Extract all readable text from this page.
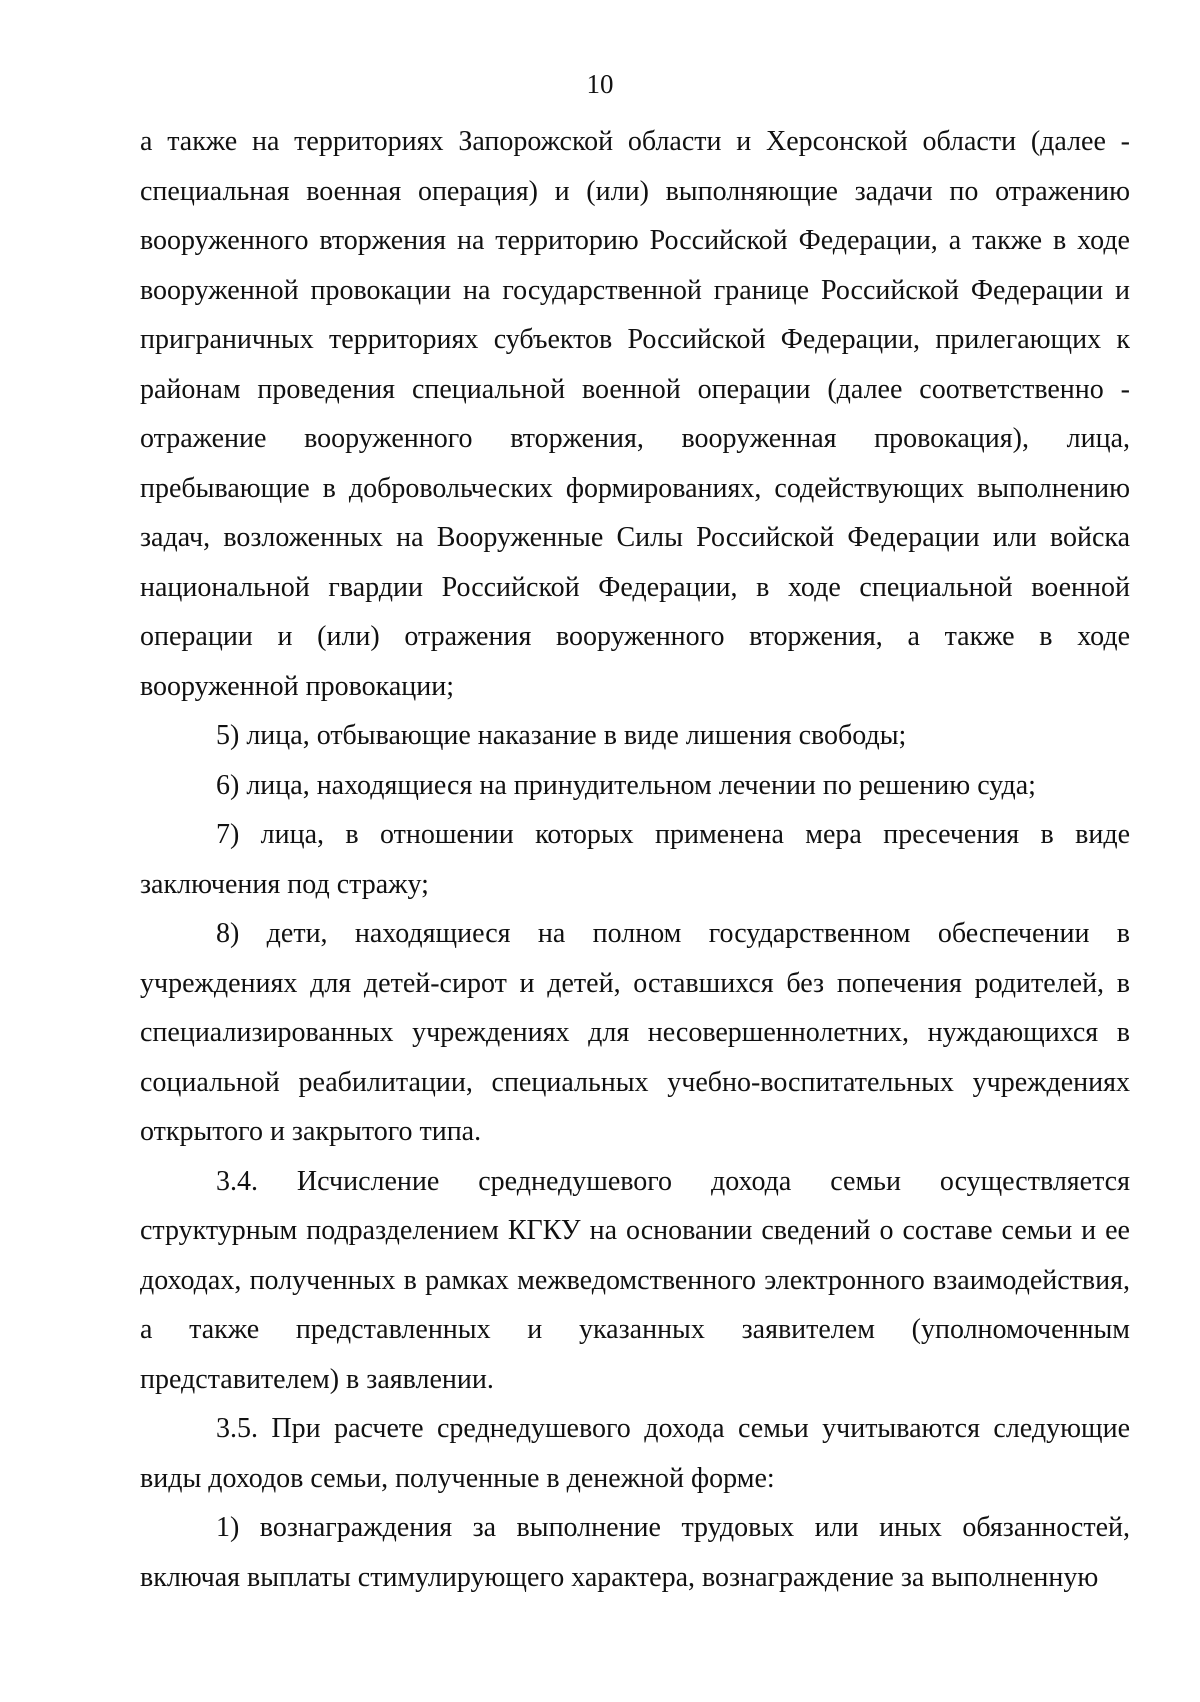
10

а также на территориях Запорожской области и Херсонской области (далее - специальная военная операция) и (или) выполняющие задачи по отражению вооруженного вторжения на территорию Российской Федерации, а также в ходе вооруженной провокации на государственной границе Российской Федерации и приграничных территориях субъектов Российской Федерации, прилегающих к районам проведения специальной военной операции (далее соответственно - отражение вооруженного вторжения, вооруженная провокация), лица, пребывающие в добровольческих формированиях, содействующих выполнению задач, возложенных на Вооруженные Силы Российской Федерации или войска национальной гвардии Российской Федерации, в ходе специальной военной операции и (или) отражения вооруженного вторжения, а также в ходе вооруженной провокации;

5) лица, отбывающие наказание в виде лишения свободы;

6) лица, находящиеся на принудительном лечении по решению суда;

7) лица, в отношении которых применена мера пресечения в виде заключения под стражу;

8) дети, находящиеся на полном государственном обеспечении в учреждениях для детей-сирот и детей, оставшихся без попечения родителей, в специализированных учреждениях для несовершеннолетних, нуждающихся в социальной реабилитации, специальных учебно-воспитательных учреждениях открытого и закрытого типа.

3.4. Исчисление среднедушевого дохода семьи осуществляется структурным подразделением КГКУ на основании сведений о составе семьи и ее доходах, полученных в рамках межведомственного электронного взаимодействия, а также представленных и указанных заявителем (уполномоченным представителем) в заявлении.

3.5. При расчете среднедушевого дохода семьи учитываются следующие виды доходов семьи, полученные в денежной форме:

1) вознаграждения за выполнение трудовых или иных обязанностей, включая выплаты стимулирующего характера, вознаграждение за выполненную
